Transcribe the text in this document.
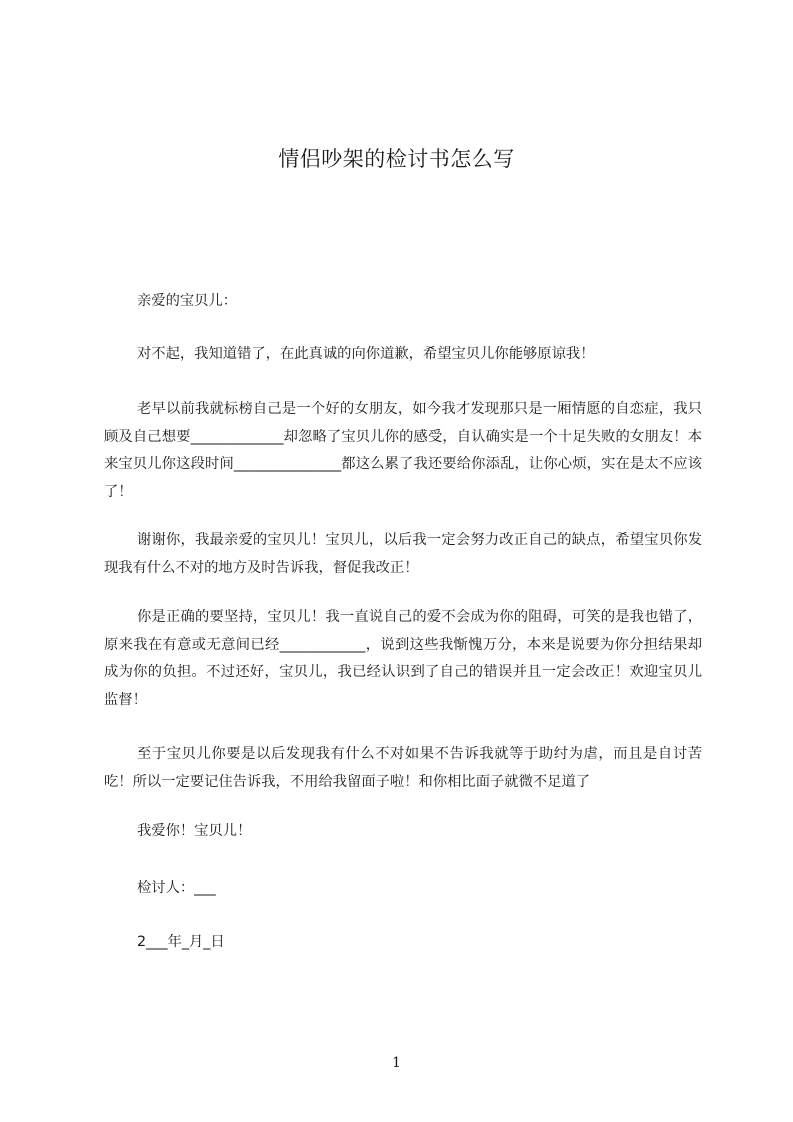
情侣吵架的检讨书怎么写
亲爱的宝贝儿：
对不起，我知道错了，在此真诚的向你道歉，希望宝贝儿你能够原谅我！
老早以前我就标榜自己是一个好的女朋友，如今我才发现那只是一厢情愿的自恋症，我只顾及自己想要_____________却忽略了宝贝儿你的感受，自认确实是一个十足失败的女朋友！本来宝贝儿你这段时间_______________都这么累了我还要给你添乱，让你心烦，实在是太不应该了！
谢谢你，我最亲爱的宝贝儿！宝贝儿，以后我一定会努力改正自己的缺点，希望宝贝你发现我有什么不对的地方及时告诉我，督促我改正！
你是正确的要坚持，宝贝儿！我一直说自己的爱不会成为你的阻碍，可笑的是我也错了，原来我在有意或无意间已经____________，说到这些我惭愧万分，本来是说要为你分担结果却成为你的负担。不过还好，宝贝儿，我已经认识到了自己的错误并且一定会改正！欢迎宝贝儿监督！
至于宝贝儿你要是以后发现我有什么不对如果不告诉我就等于助纣为虐，而且是自讨苦吃！所以一定要记住告诉我，不用给我留面子啦！和你相比面子就微不足道了
我爱你！宝贝儿！
检讨人：___
2___年_月_日
1
